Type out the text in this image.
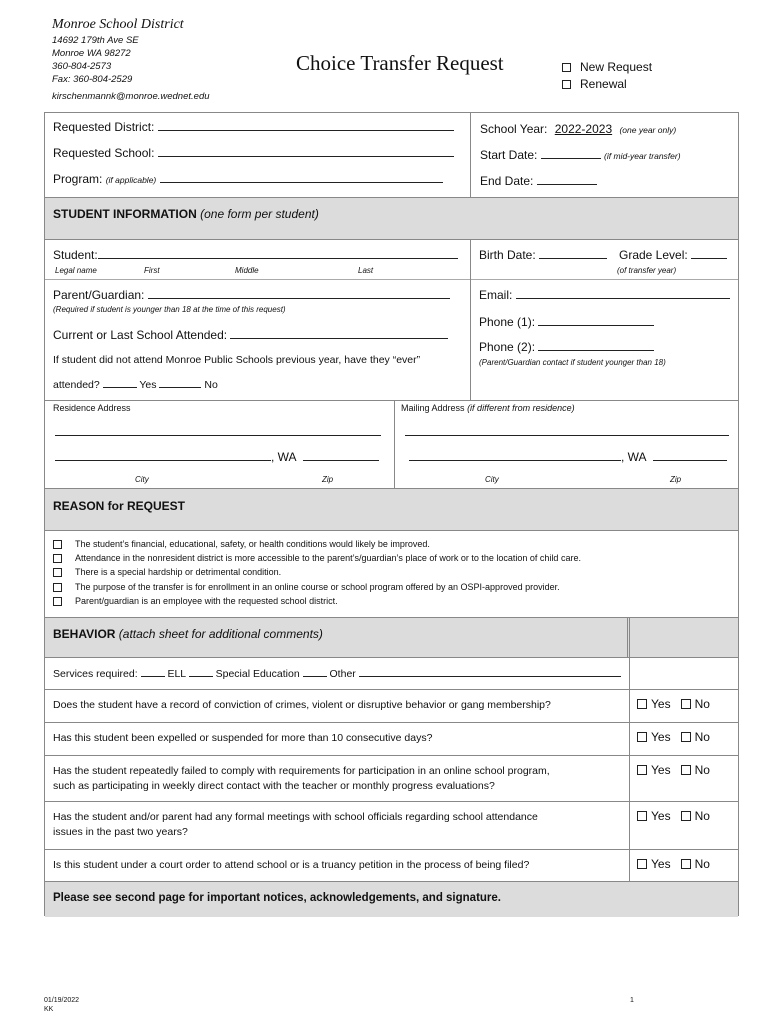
Monroe School District
14692 179th Ave SE
Monroe WA 98272
360-804-2573
Fax: 360-804-2529
kirschenmannk@monroe.wednet.edu
Choice Transfer Request	New Request
Renewal
Requested District:
Requested School:
Program: (if applicable)
School Year: 2022-2023 (one year only)
Start Date:	(if mid-year transfer)
End Date:
STUDENT INFORMATION (one form per student)
Student:
Legal name	First	Middle	Last
Birth Date:	Grade Level:
(of transfer year)
Parent/Guardian:
(Required if student is younger than 18 at the time of this request)
Current or Last School Attended:
If student did not attend Monroe Public Schools previous year, have they “ever”
attended?	Yes	No
Email:
Phone (1):
Phone (2):
(Parent/Guardian contact if student younger than 18)
Residence Address	Mailing Address (if different from residence)
, WA
City	Zip
, WA
City	Zip
REASON for REQUEST
The student’s financial, educational, safety, or health conditions would likely be improved.
Attendance in the nonresident district is more accessible to the parent’s/guardian’s place of work or to the location of child care.
There is a special hardship or detrimental condition.
The purpose of the transfer is for enrollment in an online course or school program offered by an OSPI-approved provider.
Parent/guardian is an employee with the requested school district.
BEHAVIOR (attach sheet for additional comments)
Services required:	ELL	Special Education	Other
Does the student have a record of conviction of crimes, violent or disruptive behavior or gang membership?	Yes No
Has this student been expelled or suspended for more than 10 consecutive days?	Yes No
Has the student repeatedly failed to comply with requirements for participation in an online school program,
such as participating in weekly direct contact with the teacher or monthly progress evaluations?
Yes No
Has the student and/or parent had any formal meetings with school officials regarding school attendance
issues in the past two years?
Yes No
Is this student under a court order to attend school or is a truancy petition in the process of being filed?	Yes No
Please see second page for important notices, acknowledgements, and signature.
01/19/2022
KK
1
